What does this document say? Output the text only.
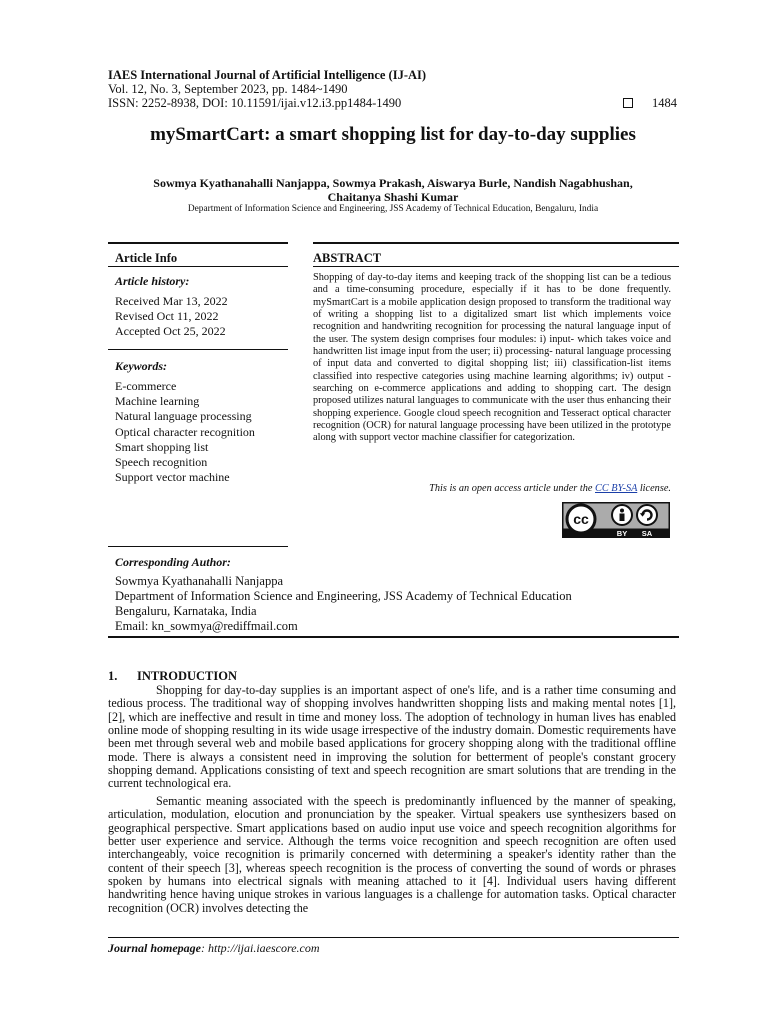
IAES International Journal of Artificial Intelligence (IJ-AI)
Vol. 12, No. 3, September 2023, pp. 1484~1490
ISSN: 2252-8938, DOI: 10.11591/ijai.v12.i3.pp1484-1490	1484
mySmartCart: a smart shopping list for day-to-day supplies
Sowmya Kyathanahalli Nanjappa, Sowmya Prakash, Aiswarya Burle, Nandish Nagabhushan,
Chaitanya Shashi Kumar
Department of Information Science and Engineering, JSS Academy of Technical Education, Bengaluru, India
Article Info
Article history:
Received Mar 13, 2022
Revised Oct 11, 2022
Accepted Oct 25, 2022
Keywords:
E-commerce
Machine learning
Natural language processing
Optical character recognition
Smart shopping list
Speech recognition
Support vector machine
ABSTRACT
Shopping of day-to-day items and keeping track of the shopping list can be a tedious and a time-consuming procedure, especially if it has to be done frequently. mySmartCart is a mobile application design proposed to transform the traditional way of writing a shopping list to a digitalized smart list which implements voice recognition and handwriting recognition for processing the natural language input of the user. The system design comprises four modules: i) input- which takes voice and handwritten list image input from the user; ii) processing- natural language processing of input data and converted to digital shopping list; iii) classification-list items classified into respective categories using machine learning algorithms; iv) output - searching on e-commerce applications and adding to shopping cart. The design proposed utilizes natural languages to communicate with the user thus enhancing their shopping experience. Google cloud speech recognition and Tesseract optical character recognition (OCR) for natural language processing have been utilized in the prototype along with support vector machine classifier for categorization.
This is an open access article under the CC BY-SA license.
cc
BY SA
Corresponding Author:
Sowmya Kyathanahalli Nanjappa
Department of Information Science and Engineering, JSS Academy of Technical Education
Bengaluru, Karnataka, India
Email: kn_sowmya@rediffmail.com
1. INTRODUCTION
Shopping for day-to-day supplies is an important aspect of one's life, and is a rather time consuming and tedious process. The traditional way of shopping involves handwritten shopping lists and making mental notes [1], [2], which are ineffective and result in time and money loss. The adoption of technology in human lives has enabled online mode of shopping resulting in its wide usage irrespective of the industry domain. Domestic requirements have been met through several web and mobile based applications for grocery shopping along with the traditional offline mode. There is always a consistent need in improving the solution for betterment of people's constant grocery shopping demand. Applications consisting of text and speech recognition are smart solutions that are trending in the current technological era.
Semantic meaning associated with the speech is predominantly influenced by the manner of speaking, articulation, modulation, elocution and pronunciation by the speaker. Virtual speakers use synthesizers based on geographical perspective. Smart applications based on audio input use voice and speech recognition algorithms for better user experience and service. Although the terms voice recognition and speech recognition are often used interchangeably, voice recognition is primarily concerned with determining a speaker's identity rather than the content of their speech [3], whereas speech recognition is the process of converting the sound of words or phrases spoken by humans into electrical signals with meaning attached to it [4]. Individual users having different handwriting hence having unique strokes in various languages is a challenge for automation tasks. Optical character recognition (OCR) involves detecting the
Journal homepage: http://ijai.iaescore.com
